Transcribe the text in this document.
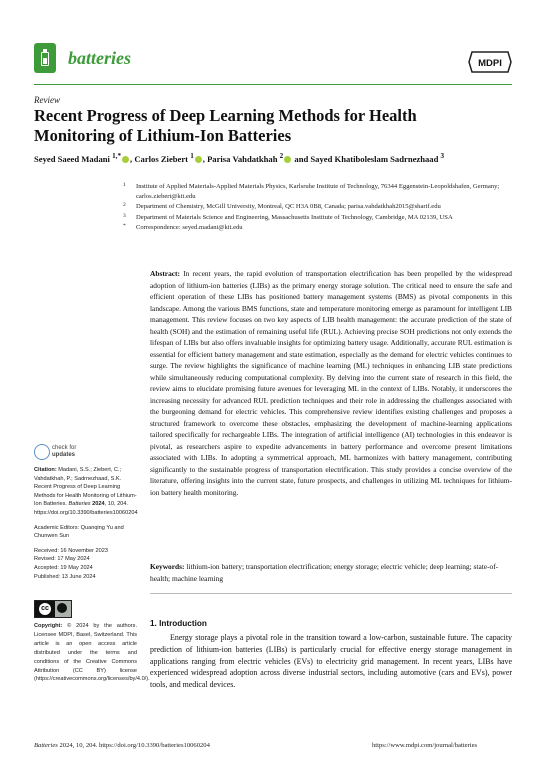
batteries	MDPI
Review
Recent Progress of Deep Learning Methods for Health Monitoring of Lithium-Ion Batteries
Seyed Saeed Madani $^{1,*}$ , Carlos Ziebert $^1$ , Parisa Vahdatkhah $^2$ and Sayed Khatiboleslam Sadrnezhaad $^3$
1 Institute of Applied Materials-Applied Materials Physics, Karlsruhe Institute of Technology, 76344 Eggenstein-Leopoldshafen, Germany; carlos.ziebert@kit.edu
2 Department of Chemistry, McGill University, Montreal, QC H3A 0B8, Canada; parisa.vahdatkhah2015@sharif.edu
3 Department of Materials Science and Engineering, Massachusetts Institute of Technology, Cambridge, MA 02139, USA
* Correspondence: seyed.madani@kit.edu
Abstract: In recent years, the rapid evolution of transportation electrification has been propelled by the widespread adoption of lithium-ion batteries (LIBs) as the primary energy storage solution. The critical need to ensure the safe and efficient operation of these LIBs has positioned battery management systems (BMS) as pivotal components in this landscape. Among the various BMS functions, state and temperature monitoring emerge as paramount for intelligent LIB management. This review focuses on two key aspects of LIB health management: the accurate prediction of the state of health (SOH) and the estimation of remaining useful life (RUL). Achieving precise SOH predictions not only extends the lifespan of LIBs but also offers invaluable insights for optimizing battery usage. Additionally, accurate RUL estimation is essential for efficient battery management and state estimation, especially as the demand for electric vehicles continues to surge. The review highlights the significance of machine learning (ML) techniques in enhancing LIB state predictions while simultaneously reducing computational complexity. By delving into the current state of research in this field, the review aims to elucidate promising future avenues for leveraging ML in the context of LIBs. Notably, it underscores the increasing necessity for advanced RUL prediction techniques and their role in addressing the challenges associated with the burgeoning demand for electric vehicles. This comprehensive review identifies existing challenges and proposes a structured framework to overcome these obstacles, emphasizing the development of machine-learning applications tailored specifically for rechargeable LIBs. The integration of artificial intelligence (AI) technologies in this endeavor is pivotal, as researchers aspire to expedite advancements in battery performance and overcome present limitations associated with LIBs. In adopting a symmetrical approach, ML harmonizes with battery management, contributing significantly to the sustainable progress of transportation electrification. This study provides a concise overview of the literature, offering insights into the current state, future prospects, and challenges in utilizing ML techniques for lithium-ion battery health monitoring.
Keywords: lithium-ion battery; transportation electrification; energy storage; electric vehicle; deep learning; state-of-health; machine learning
check for
updates

Citation: Madani, S.S.; Ziebert, C.; Vahdatkhah, P.; Sadrnezhaad, S.K. Recent Progress of Deep Learning Methods for Health Monitoring of Lithium-Ion Batteries. Batteries 2024, 10, 204. https://doi.org/10.3390/batteries10060204

Academic Editors: Quanqing Yu and Chunwen Sun

Received: 16 November 2023
Revised: 17 May 2024
Accepted: 19 May 2024
Published: 13 June 2024

cc
Copyright: © 2024 by the authors. Licensee MDPI, Basel, Switzerland. This article is an open access article distributed under the terms and conditions of the Creative Commons Attribution (CC BY) license (https://creativecommons.org/licenses/by/4.0/).
1. Introduction
Energy storage plays a pivotal role in the transition toward a low-carbon, sustainable future. The capacity prediction of lithium-ion batteries (LIBs) is particularly crucial for effective energy storage management in applications ranging from electric vehicles (EVs) to electricity grid management. In recent years, LIBs have experienced widespread adoption across diverse industrial sectors, including automotive (cars and EVs), power tools, and medical devices.
Batteries 2024, 10, 204. https://doi.org/10.3390/batteries10060204	https://www.mdpi.com/journal/batteries
